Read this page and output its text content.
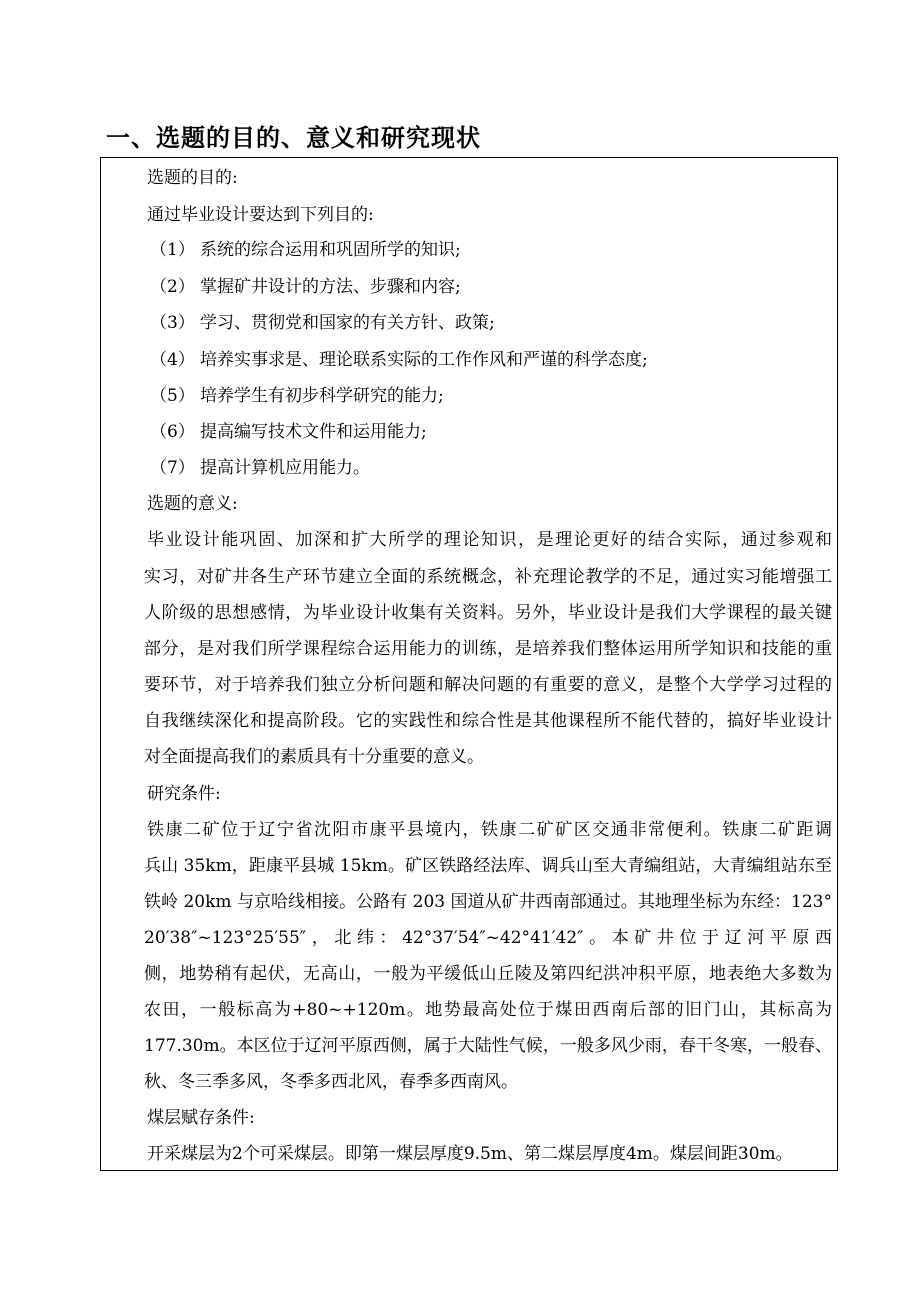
一、选题的目的、意义和研究现状
选题的目的:
通过毕业设计要达到下列目的:
（1） 系统的综合运用和巩固所学的知识;
（2） 掌握矿井设计的方法、步骤和内容;
（3） 学习、贯彻党和国家的有关方针、政策;
（4） 培养实事求是、理论联系实际的工作作风和严谨的科学态度;
（5） 培养学生有初步科学研究的能力;
（6） 提高编写技术文件和运用能力;
（7） 提高计算机应用能力。
选题的意义:
毕业设计能巩固、加深和扩大所学的理论知识，是理论更好的结合实际，通过参观和
实习，对矿井各生产环节建立全面的系统概念，补充理论教学的不足，通过实习能增强工
人阶级的思想感情，为毕业设计收集有关资料。另外，毕业设计是我们大学课程的最关键
部分，是对我们所学课程综合运用能力的训练，是培养我们整体运用所学知识和技能的重
要环节，对于培养我们独立分析问题和解决问题的有重要的意义，是整个大学学习过程的
自我继续深化和提高阶段。它的实践性和综合性是其他课程所不能代替的，搞好毕业设计
对全面提高我们的素质具有十分重要的意义。
研究条件:
铁康二矿位于辽宁省沈阳市康平县境内，铁康二矿矿区交通非常便利。铁康二矿距调
兵山 35km，距康平县城 15km。矿区铁路经法库、调兵山至大青编组站，大青编组站东至
铁岭 20km 与京哈线相接。公路有 203 国道从矿井西南部通过。其地理坐标为东经：123°
20′38″~123°25′55″，北纬：42°37′54″~42°41′42″。本矿井位于辽河平原西
侧，地势稍有起伏，无高山，一般为平缓低山丘陵及第四纪洪冲积平原，地表绝大多数为
农田，一般标高为+80~+120m。地势最高处位于煤田西南后部的旧门山，其标高为
177.30m。本区位于辽河平原西侧，属于大陆性气候，一般多风少雨，春干冬寒，一般春、
秋、冬三季多风，冬季多西北风，春季多西南风。
煤层赋存条件:
开采煤层为2个可采煤层。即第一煤层厚度9.5m、第二煤层厚度4m。煤层间距30m。
